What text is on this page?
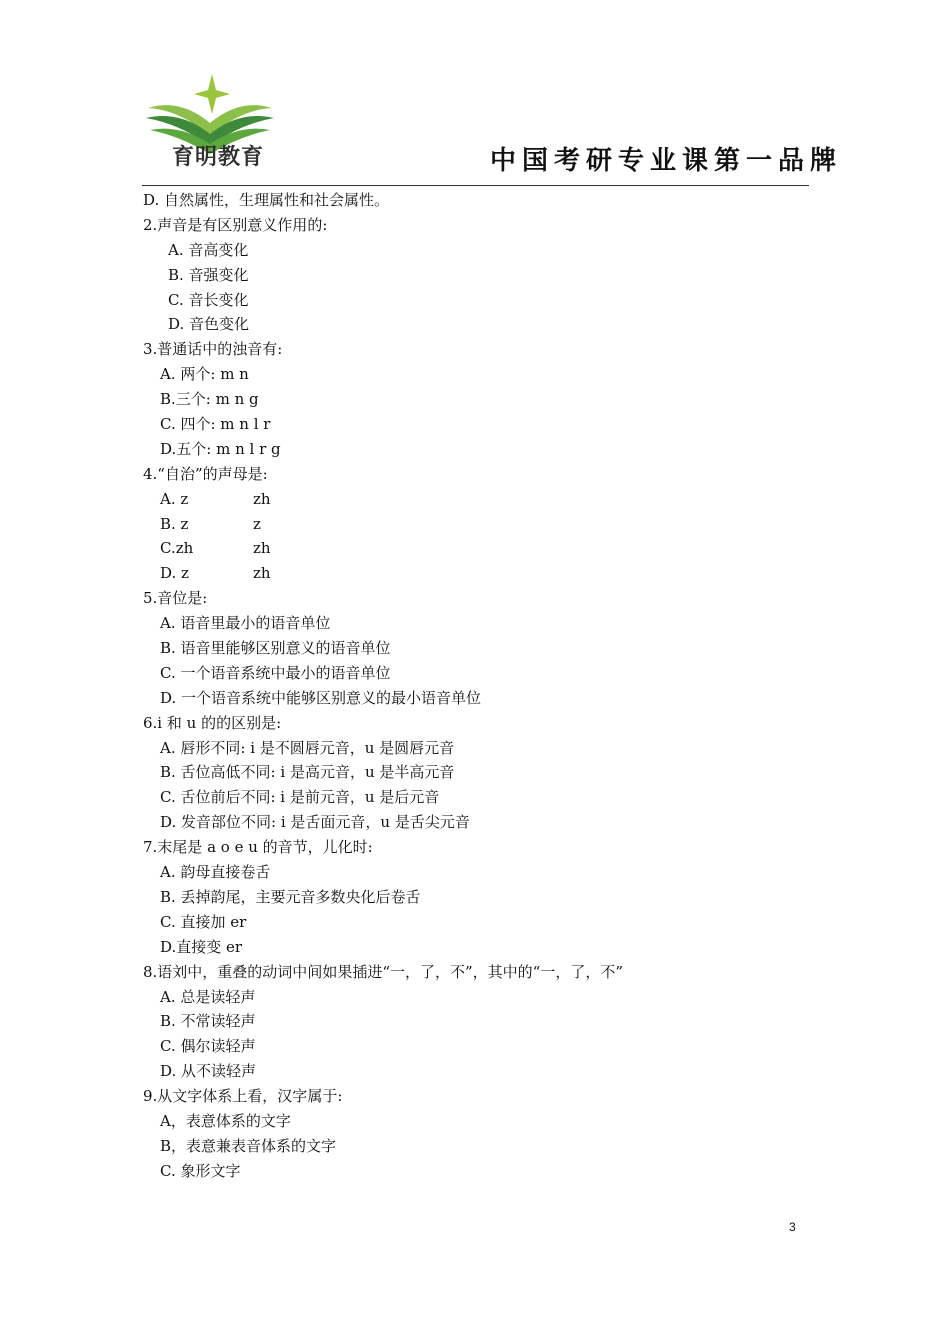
育明教育	中国考研专业课第一品牌
D. 自然属性，生理属性和社会属性。
2.声音是有区别意义作用的:
A. 音高变化
B. 音强变化
C. 音长变化
D. 音色变化
3.普通话中的浊音有:
A. 两个: m n
B.三个: m n g
C. 四个: m n l r
D.五个: m n l r g
4.“自治”的声母是:
A. z	zh
B. z	z
C.zh	zh
D. z	zh
5.音位是:
A. 语音里最小的语音单位
B. 语音里能够区别意义的语音单位
C. 一个语音系统中最小的语音单位
D. 一个语音系统中能够区别意义的最小语音单位
6.i 和 u 的的区别是:
A. 唇形不同: i 是不圆唇元音，u 是圆唇元音
B. 舌位高低不同: i 是高元音，u 是半高元音
C. 舌位前后不同: i 是前元音，u 是后元音
D. 发音部位不同: i 是舌面元音，u 是舌尖元音
7.末尾是 a o e u 的音节，儿化时:
A. 韵母直接卷舌
B. 丢掉韵尾，主要元音多数央化后卷舌
C. 直接加 er
D.直接变 er
8.语刘中，重叠的动词中间如果插进“一，了，不”，其中的“一，了，不”
A. 总是读轻声
B. 不常读轻声
C. 偶尔读轻声
D. 从不读轻声
9.从文字体系上看，汉字属于:
A，表意体系的文字
B，表意兼表音体系的文字
C. 象形文字
3
